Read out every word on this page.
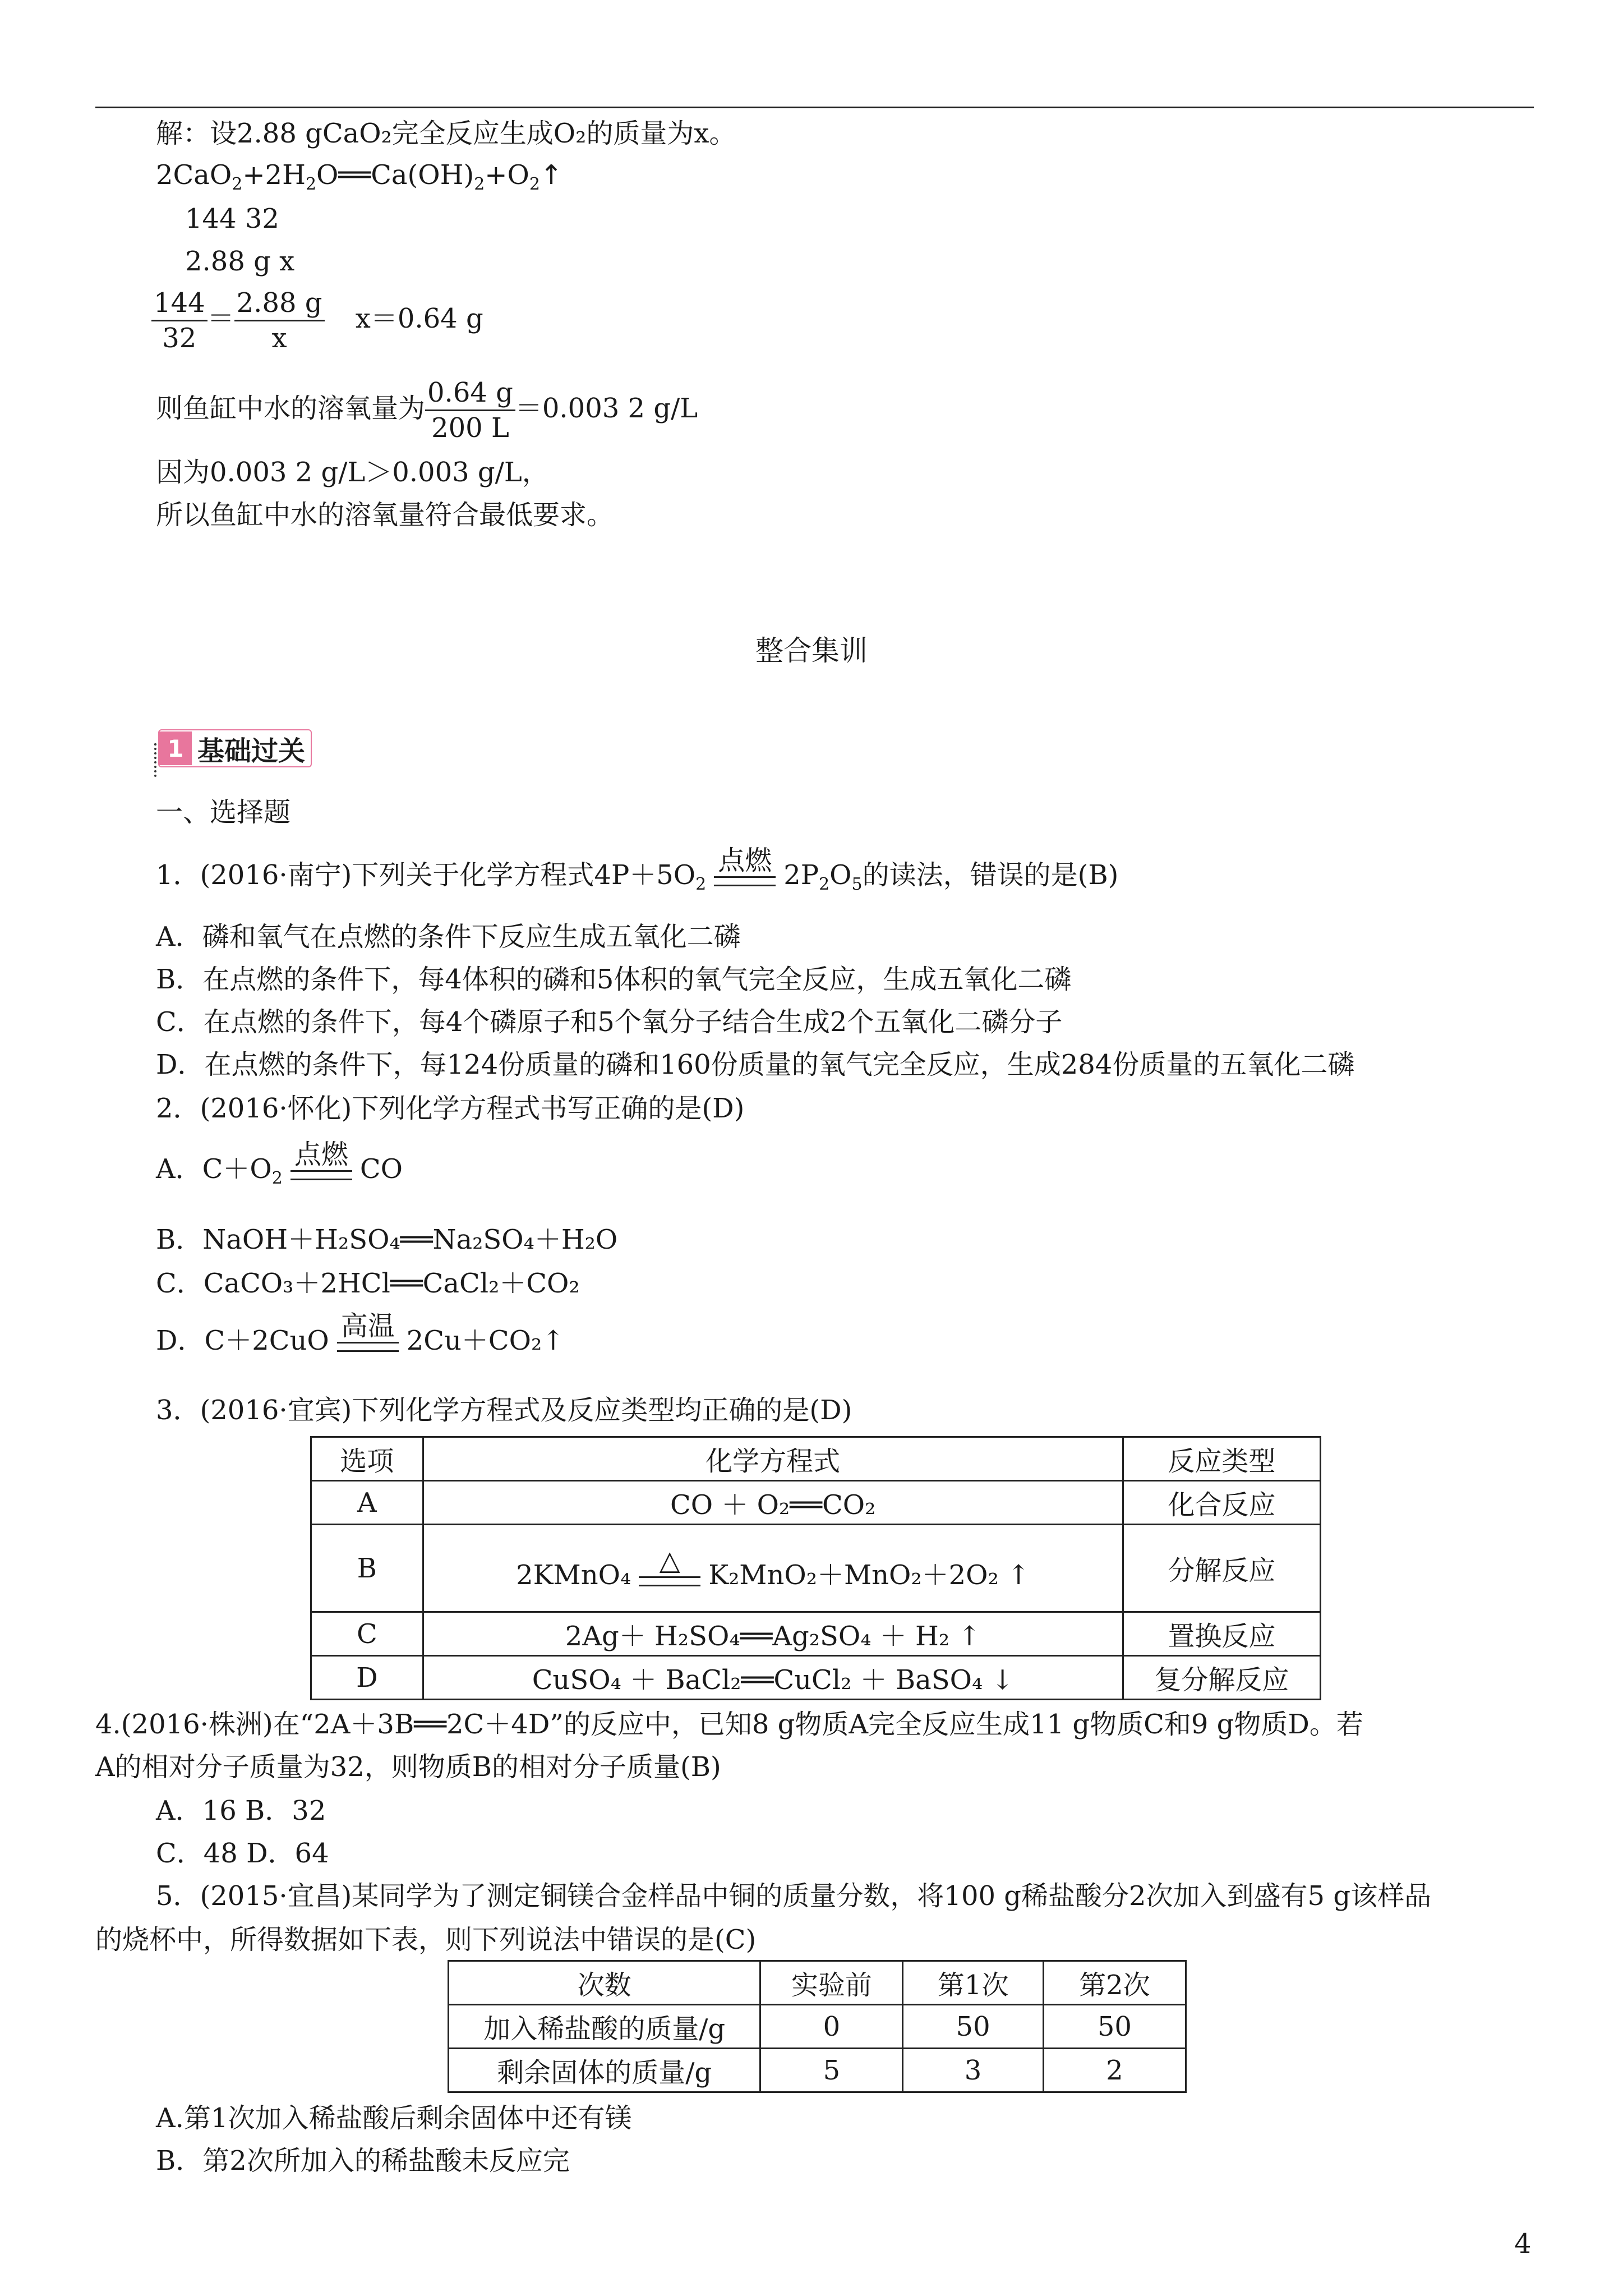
解：设2.88 gCaO₂完全反应生成O₂的质量为x。
$2CaO_2+2H_2O══Ca(OH)_2+O_2↑$
144 32
2.88 g x
$\frac{144}{32} = \frac{2.88 g}{x} x=0.64$ g
则鱼缸中水的溶氧量为 $\frac{0.64 g}{200 L} =0.003$ 2 g/L
因为0.003 2 g/L＞0.003 g/L，
所以鱼缸中水的溶氧量符合最低要求。
整合集训
1 基础过关
一、选择题
1．(2016·南宁)下列关于化学方程式$4P+5O_2$
点燃 $2P_2O_5$的读法，错误的是(B)
A．磷和氧气在点燃的条件下反应生成五氧化二磷
B．在点燃的条件下，每4体积的磷和5体积的氧气完全反应，生成五氧化二磷
C．在点燃的条件下，每4个磷原子和5个氧分子结合生成2个五氧化二磷分子
D．在点燃的条件下，每124份质量的磷和160份质量的氧气完全反应，生成284份质量的五氧化二磷
2．(2016·怀化)下列化学方程式书写正确的是(D)
A．$C+O_2$
点燃 CO
B．NaOH＋H₂SO₄══Na₂SO₄＋H₂O
C．CaCO₃＋2HCl══CaCl₂＋CO₂
D．C＋2CuO 高温 2Cu＋CO₂↑
3．(2016·宜宾)下列化学方程式及反应类型均正确的是(D)
选项	化学方程式	反应类型
A	CO ＋ O₂══CO₂	化合反应
B	2KMnO₄ △ K₂MnO₂＋MnO₂＋2O₂ ↑	分解反应
C	2Ag＋ H₂SO₄══Ag₂SO₄ ＋ H₂ ↑	置换反应
D	CuSO₄ ＋ BaCl₂══CuCl₂ ＋ BaSO₄ ↓	复分解反应
4.(2016·株洲)在“2A＋3B══2C＋4D”的反应中，已知8 g物质A完全反应生成11 g物质C和9 g物质D。若
A的相对分子质量为32，则物质B的相对分子质量(B)
A．16 B．32
C．48 D．64
5．(2015·宜昌)某同学为了测定铜镁合金样品中铜的质量分数，将100 g稀盐酸分2次加入到盛有5 g该样品
的烧杯中，所得数据如下表，则下列说法中错误的是(C)
次数	实验前	第1次	第2次
加入稀盐酸的质量/g	0	50	50
剩余固体的质量/g	5	3	2
A.第1次加入稀盐酸后剩余固体中还有镁
B．第2次所加入的稀盐酸未反应完
4
